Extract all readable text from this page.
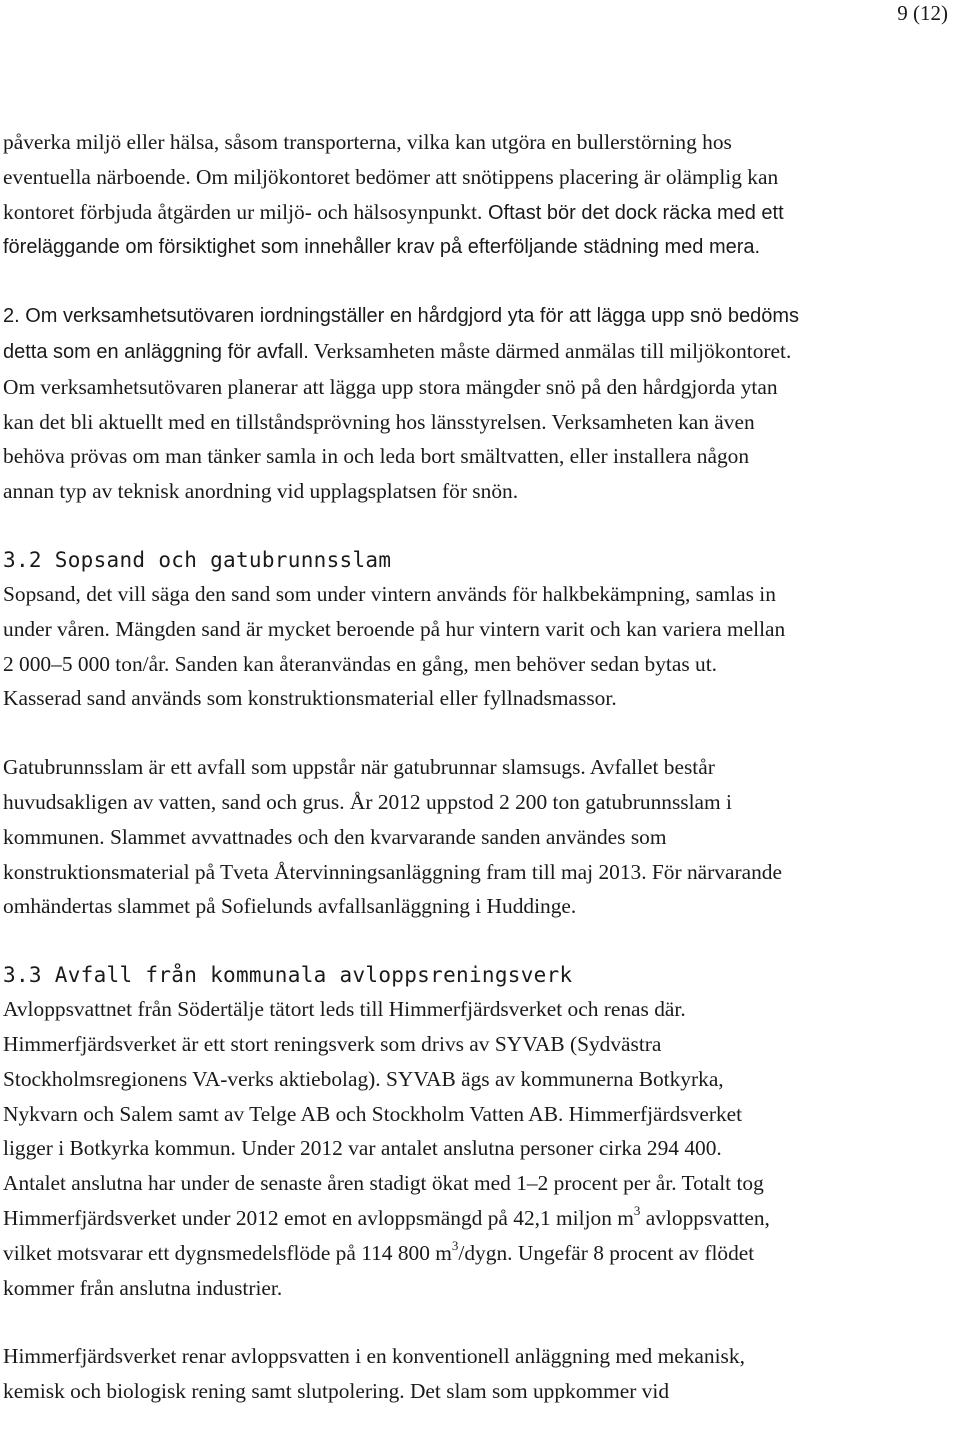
9 (12)

påverka miljö eller hälsa, såsom transporterna, vilka kan utgöra en bullerstörning hos

eventuella närboende. Om miljökontoret bedömer att snötippens placering är olämplig kan

kontoret förbjuda åtgärden ur miljö- och hälsosynpunkt. Oftast bör det dock räcka med ett

föreläggande om försiktighet som innehåller krav på efterföljande städning med mera.

2. Om verksamhetsutövaren iordningställer en hårdgjord yta för att lägga upp snö bedöms

detta som en anläggning för avfall. Verksamheten måste därmed anmälas till miljökontoret.

Om verksamhetsutövaren planerar att lägga upp stora mängder snö på den hårdgjorda ytan

kan det bli aktuellt med en tillståndsprövning hos länsstyrelsen. Verksamheten kan även

behöva prövas om man tänker samla in och leda bort smältvatten, eller installera någon

annan typ av teknisk anordning vid upplagsplatsen för snön.

3.2 Sopsand och gatubrunnsslam

Sopsand, det vill säga den sand som under vintern används för halkbekämpning, samlas in

under våren. Mängden sand är mycket beroende på hur vintern varit och kan variera mellan

2 000–5 000 ton/år. Sanden kan återanvändas en gång, men behöver sedan bytas ut.

Kasserad sand används som konstruktionsmaterial eller fyllnadsmassor.

Gatubrunnsslam är ett avfall som uppstår när gatubrunnar slamsugs. Avfallet består

huvudsakligen av vatten, sand och grus. År 2012 uppstod 2 200 ton gatubrunnsslam i

kommunen. Slammet avvattnades och den kvarvarande sanden användes som

konstruktionsmaterial på Tveta Återvinningsanläggning fram till maj 2013. För närvarande

omhändertas slammet på Sofielunds avfallsanläggning i Huddinge.

3.3 Avfall från kommunala avloppsreningsverk

Avloppsvattnet från Södertälje tätort leds till Himmerfjärdsverket och renas där.

Himmerfjärdsverket är ett stort reningsverk som drivs av SYVAB (Sydvästra

Stockholmsregionens VA-verks aktiebolag). SYVAB ägs av kommunerna Botkyrka,

Nykvarn och Salem samt av Telge AB och Stockholm Vatten AB. Himmerfjärdsverket

ligger i Botkyrka kommun. Under 2012 var antalet anslutna personer cirka 294 400.

Antalet anslutna har under de senaste åren stadigt ökat med 1–2 procent per år. Totalt tog

Himmerfjärdsverket under 2012 emot en avloppsmängd på 42,1 miljon $m^3$ avloppsvatten,

vilket motsvarar ett dygnsmedelsflöde på 114 800 $m^3$/dygn. Ungefär 8 procent av flödet

kommer från anslutna industrier.

Himmerfjärdsverket renar avloppsvatten i en konventionell anläggning med mekanisk,

kemisk och biologisk rening samt slutpolering. Det slam som uppkommer vid
